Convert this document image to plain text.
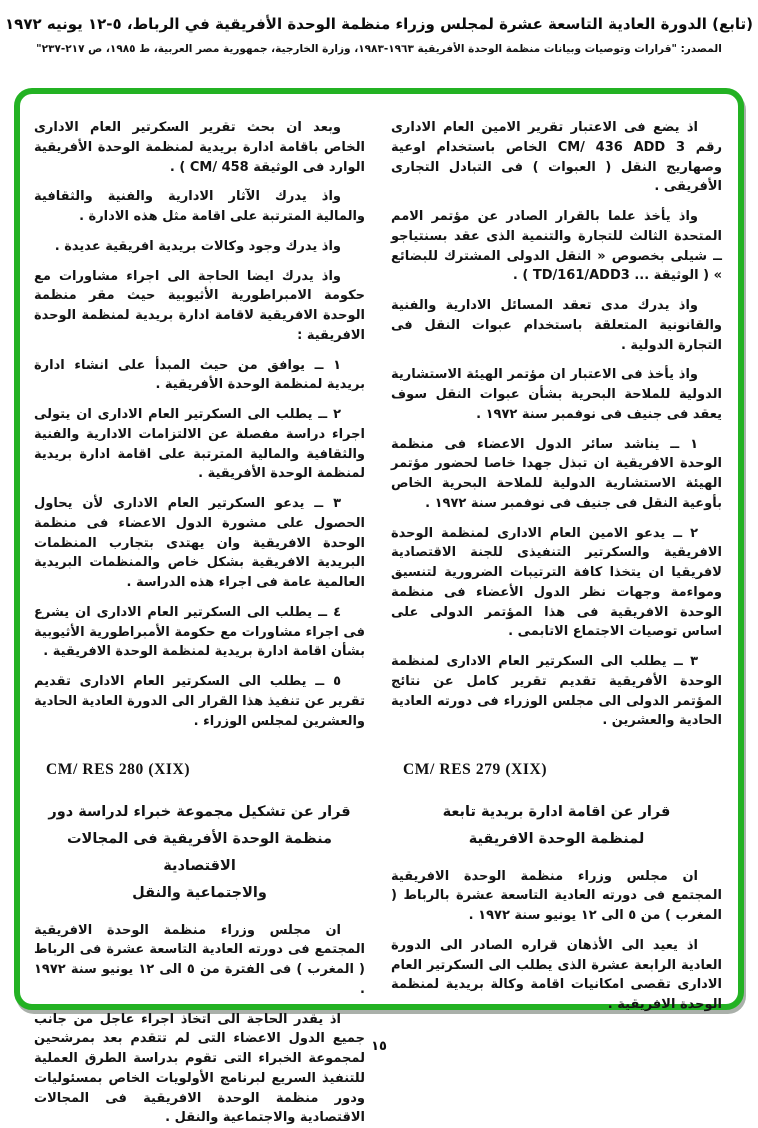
(تابع) الدورة العادية التاسعة عشرة لمجلس وزراء منظمة الوحدة الأفريقية في الرباط، ٥-١٢ يونيه ١٩٧٢
المصدر: "قرارات وتوصيات وبيانات منظمة الوحدة الأفريقية ١٩٦٣-١٩٨٣، وزارة الخارجية، جمهورية مصر العربية، ط ١٩٨٥، ص ٢١٧-٢٣٧"

اذ يضع فى الاعتبار تقرير الامين العام الادارى رقم CM/ 436 ADD 3 الخاص باستخدام اوعية وصهاريج النقل ( العبوات ) فى التبادل التجارى الأفريقى .

واذ يأخذ علما بالقرار الصادر عن مؤتمر الامم المتحدة الثالث للتجارة والتنمية الذى عقد بسنتياجو ــ شيلى بخصوص « النقل الدولى المشترك للبضائع » ( الوثيقة ... TD/161/ADD3 ) .

واذ يدرك مدى تعقد المسائل الادارية والفنية والقانونية المتعلقة باستخدام عبوات النقل فى التجارة الدولية .

واذ يأخذ فى الاعتبار ان مؤتمر الهيئة الاستشارية الدولية للملاحة البحرية بشأن عبوات النقل سوف يعقد فى جنيف فى نوفمبر سنة ١٩٧٢ .

١ ــ يناشد سائر الدول الاعضاء فى منظمة الوحدة الافريقية ان تبذل جهدا خاصا لحضور مؤتمر الهيئة الاستشارية الدولية للملاحة البحرية الخاص بأوعية النقل فى جنيف فى نوفمبر سنة ١٩٧٢ .

٢ ــ يدعو الامين العام الادارى لمنظمة الوحدة الافريقية والسكرتير التنفيذى للجنة الاقتصادية لافريقيا ان يتخذا كافة الترتيبات الضرورية لتنسيق ومواءمة وجهات نظر الدول الأعضاء فى منظمة الوحدة الافريقية فى هذا المؤتمر الدولى على اساس توصيات الاجتماع الاتابمى .

٣ ــ يطلب الى السكرتير العام الادارى لمنظمة الوحدة الأفريقية تقديم تقرير كامل عن نتائج المؤتمر الدولى الى مجلس الوزراء فى دورته العادية الحادية والعشرين .

CM/ RES 279 (XIX)

قرار عن اقامة ادارة بريدية تابعة
لمنظمة الوحدة الافريقية

ان مجلس وزراء منظمة الوحدة الافريقية المجتمع فى دورته العادية التاسعة عشرة بالرباط ( المغرب ) من ٥ الى ١٢ يونيو سنة ١٩٧٢ .

اذ يعيد الى الأذهان قراره الصادر الى الدورة العادية الرابعة عشرة الذى يطلب الى السكرتير العام الادارى تقصى امكانيات اقامة وكالة بريدية لمنظمة الوحدة الافريقية .

وبعد ان بحث تقرير السكرتير العام الادارى الخاص باقامة ادارة بريدية لمنظمة الوحدة الأفريقية الوارد فى الوثيقة CM/ 458 ) .

واذ يدرك الآثار الادارية والفنية والثقافية والمالية المترتبة على اقامة مثل هذه الادارة .

واذ يدرك وجود وكالات بريدية افريقية عديدة .

واذ يدرك ايضا الحاجة الى اجراء مشاورات مع حكومة الامبراطورية الأثيوبية حيث مقر منظمة الوحدة الافريقية لاقامة ادارة بريدية لمنظمة الوحدة الافريقية :

١ ــ يوافق من حيث المبدأ على انشاء ادارة بريدية لمنظمة الوحدة الأفريقية .

٢ ــ يطلب الى السكرتير العام الادارى ان يتولى اجراء دراسة مفصلة عن الالتزامات الادارية والفنية والثقافية والمالية المترتبة على اقامة ادارة بريدية لمنظمة الوحدة الأفريقية .

٣ ــ يدعو السكرتير العام الادارى لأن يحاول الحصول على مشورة الدول الاعضاء فى منظمة الوحدة الافريقية وان يهتدى بتجارب المنظمات البريدية الافريقية بشكل خاص والمنظمات البريدية العالمية عامة فى اجراء هذه الدراسة .

٤ ــ يطلب الى السكرتير العام الادارى ان يشرع فى اجراء مشاورات مع حكومة الأمبراطورية الأثيوبية بشأن اقامة ادارة بريدية لمنظمة الوحدة الافريقية .

٥ ــ يطلب الى السكرتير العام الادارى تقديم تقرير عن تنفيذ هذا القرار الى الدورة العادية الحادية والعشرين لمجلس الوزراء .

CM/ RES 280 (XIX)

قرار عن تشكيل مجموعة خبراء لدراسة دور
منظمة الوحدة الأفريقية فى المجالات الاقتصادية
والاجتماعية والنقل

ان مجلس وزراء منظمة الوحدة الافريقية المجتمع فى دورته العادية التاسعة عشرة فى الرباط ( المغرب ) فى الفترة من ٥ الى ١٢ يونيو سنة ١٩٧٢ .

اذ يقدر الحاجة الى اتخاذ اجراء عاجل من جانب جميع الدول الاعضاء التى لم تتقدم بعد بمرشحين لمجموعة الخبراء التى تقوم بدراسة الطرق العملية للتنفيذ السريع لبرنامج الأولويات الخاص بمسئوليات ودور منظمة الوحدة الافريقية فى المجالات الاقتصادية والاجتماعية والنقل .

١٥
